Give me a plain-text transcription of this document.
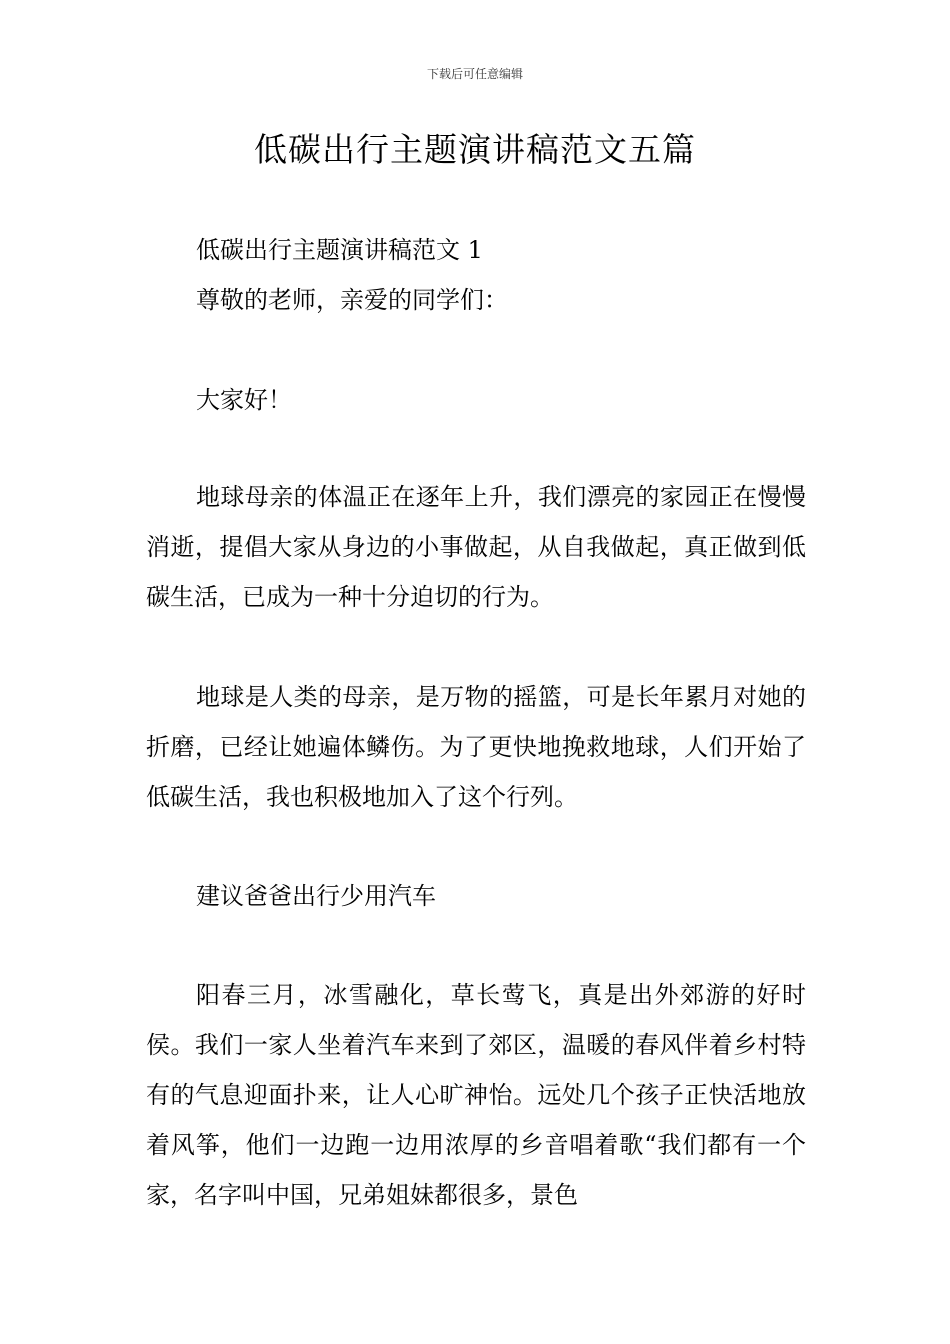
下载后可任意编辑
低碳出行主题演讲稿范文五篇

低碳出行主题演讲稿范文 1

尊敬的老师，亲爱的同学们：

大家好！

地球母亲的体温正在逐年上升，我们漂亮的家园正在慢慢消逝，提倡大家从身边的小事做起，从自我做起，真正做到低碳生活，已成为一种十分迫切的行为。

地球是人类的母亲，是万物的摇篮，可是长年累月对她的折磨，已经让她遍体鳞伤。为了更快地挽救地球，人们开始了低碳生活，我也积极地加入了这个行列。

建议爸爸出行少用汽车

阳春三月，冰雪融化，草长莺飞，真是出外郊游的好时侯。我们一家人坐着汽车来到了郊区，温暖的春风伴着乡村特有的气息迎面扑来，让人心旷神怡。远处几个孩子正快活地放着风筝，他们一边跑一边用浓厚的乡音唱着歌“我们都有一个家，名字叫中国，兄弟姐妹都很多，景色
